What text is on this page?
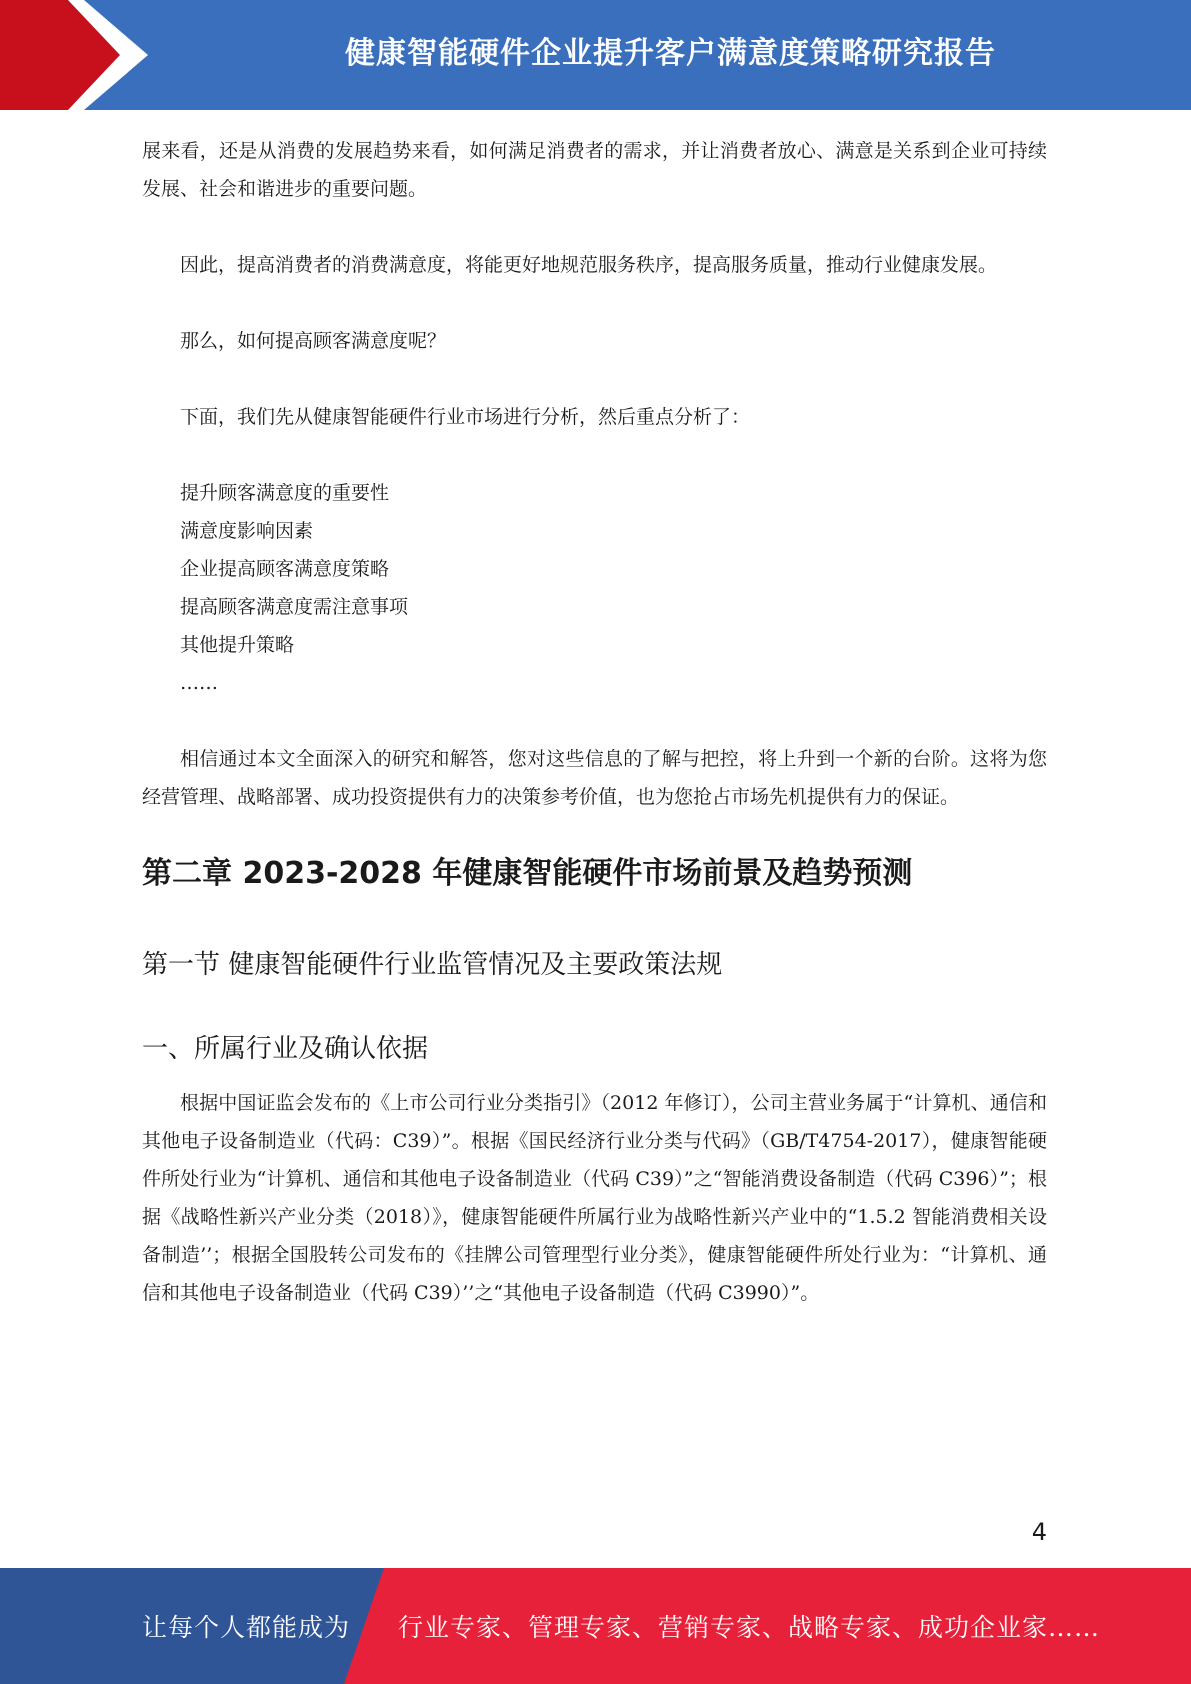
健康智能硬件企业提升客户满意度策略研究报告

展来看，还是从消费的发展趋势来看，如何满足消费者的需求，并让消费者放心、满意是关系到企业可持续发展、社会和谐进步的重要问题。

因此，提高消费者的消费满意度，将能更好地规范服务秩序，提高服务质量，推动行业健康发展。

那么，如何提高顾客满意度呢？

下面，我们先从健康智能硬件行业市场进行分析，然后重点分析了：

提升顾客满意度的重要性
满意度影响因素
企业提高顾客满意度策略
提高顾客满意度需注意事项
其他提升策略
……

相信通过本文全面深入的研究和解答，您对这些信息的了解与把控，将上升到一个新的台阶。这将为您经营管理、战略部署、成功投资提供有力的决策参考价值，也为您抢占市场先机提供有力的保证。

第二章 2023-2028 年健康智能硬件市场前景及趋势预测
第一节 健康智能硬件行业监管情况及主要政策法规
一、所属行业及确认依据

根据中国证监会发布的《上市公司行业分类指引》（2012 年修订），公司主营业务属于“计算机、通信和其他电子设备制造业（代码：C39）”。根据《国民经济行业分类与代码》（GB/T4754-2017），健康智能硬件所处行业为“计算机、通信和其他电子设备制造业（代码 C39）”之“智能消费设备制造（代码 C396）”；根据《战略性新兴产业分类（2018）》，健康智能硬件所属行业为战略性新兴产业中的“1.5.2 智能消费相关设备制造’’；根据全国股转公司发布的《挂牌公司管理型行业分类》，健康智能硬件所处行业为：“计算机、通信和其他电子设备制造业（代码 C39）’’之“其他电子设备制造（代码 C3990）”。

4
让每个人都能成为 行业专家、管理专家、营销专家、战略专家、成功企业家……
